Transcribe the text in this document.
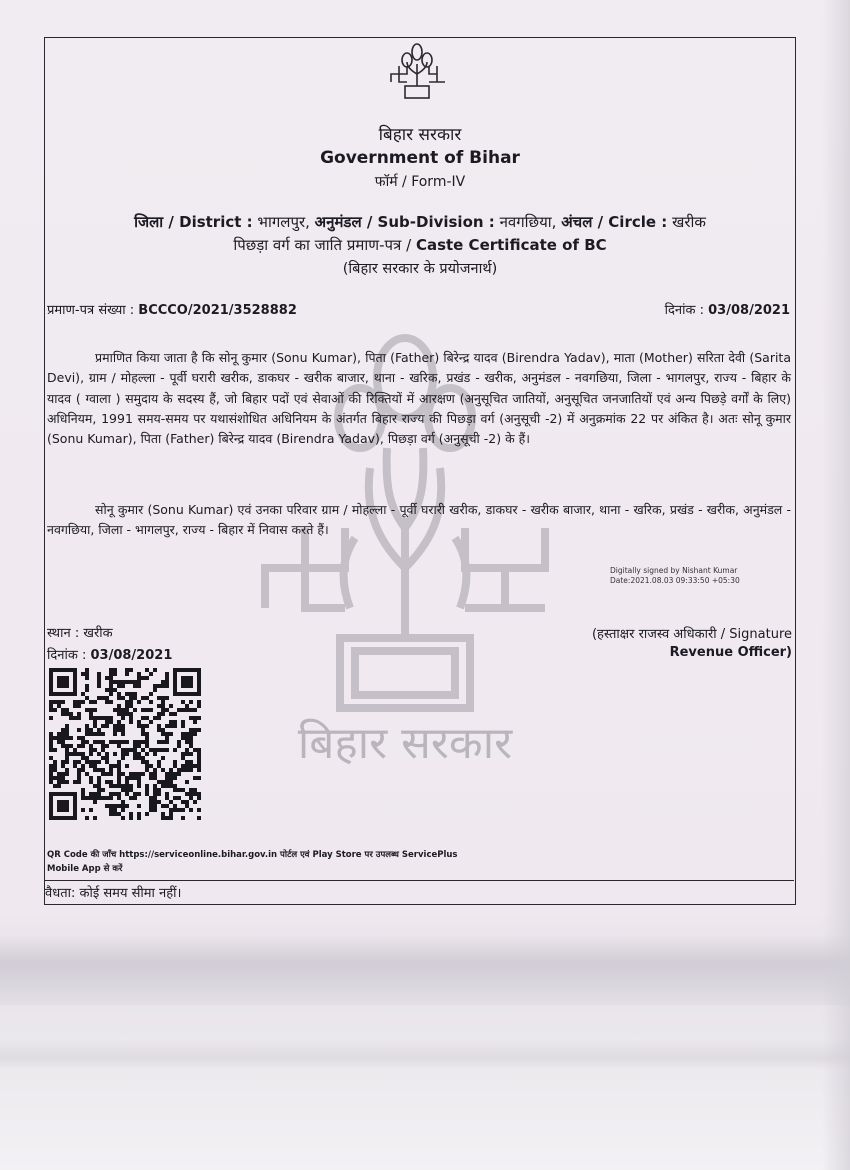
बिहार सरकार
बिहार सरकार
Government of Bihar
फॉर्म / Form-IV
जिला / District : भागलपुर, अनुमंडल / Sub-Division : नवगछिया, अंचल / Circle : खरीक
पिछड़ा वर्ग का जाति प्रमाण-पत्र / Caste Certificate of BC
(बिहार सरकार के प्रयोजनार्थ)
प्रमाण-पत्र संख्या : BCCCO/2021/3528882	दिनांक : 03/08/2021
प्रमाणित किया जाता है कि सोनू कुमार (Sonu Kumar), पिता (Father) बिरेन्द्र यादव (Birendra Yadav), माता (Mother) सरिता देवी (Sarita Devi), ग्राम / मोहल्ला - पूर्वी घरारी खरीक, डाकघर - खरीक बाजार, थाना - खरिक, प्रखंड - खरीक, अनुमंडल - नवगछिया, जिला - भागलपुर, राज्य - बिहार के यादव ( ग्वाला ) समुदाय के सदस्य हैं, जो बिहार पदों एवं सेवाओं की रिक्तियों में आरक्षण (अनुसूचित जातियों, अनुसूचित जनजातियों एवं अन्य पिछड़े वर्गों के लिए) अधिनियम, 1991 समय-समय पर यथासंशोधित अधिनियम के अंतर्गत बिहार राज्य की पिछड़ा वर्ग (अनुसूची -2) में अनुक्रमांक 22 पर अंकित है। अतः सोनू कुमार (Sonu Kumar), पिता (Father) बिरेन्द्र यादव (Birendra Yadav), पिछड़ा वर्ग (अनुसूची -2) के हैं।
सोनू कुमार (Sonu Kumar) एवं उनका परिवार ग्राम / मोहल्ला - पूर्वी घरारी खरीक, डाकघर - खरीक बाजार, थाना - खरिक, प्रखंड - खरीक, अनुमंडल - नवगछिया, जिला - भागलपुर, राज्य - बिहार में निवास करते हैं।
Digitally signed by Nishant Kumar
Date:2021.08.03 09:33:50 +05:30
स्थान : खरीक
दिनांक : 03/08/2021
(हस्ताक्षर राजस्व अधिकारी / Signature
Revenue Officer)
QR Code की जाँच https://serviceonline.bihar.gov.in पोर्टल एवं Play Store पर उपलब्ध ServicePlus
Mobile App से करें
वैधता: कोई समय सीमा नहीं।
